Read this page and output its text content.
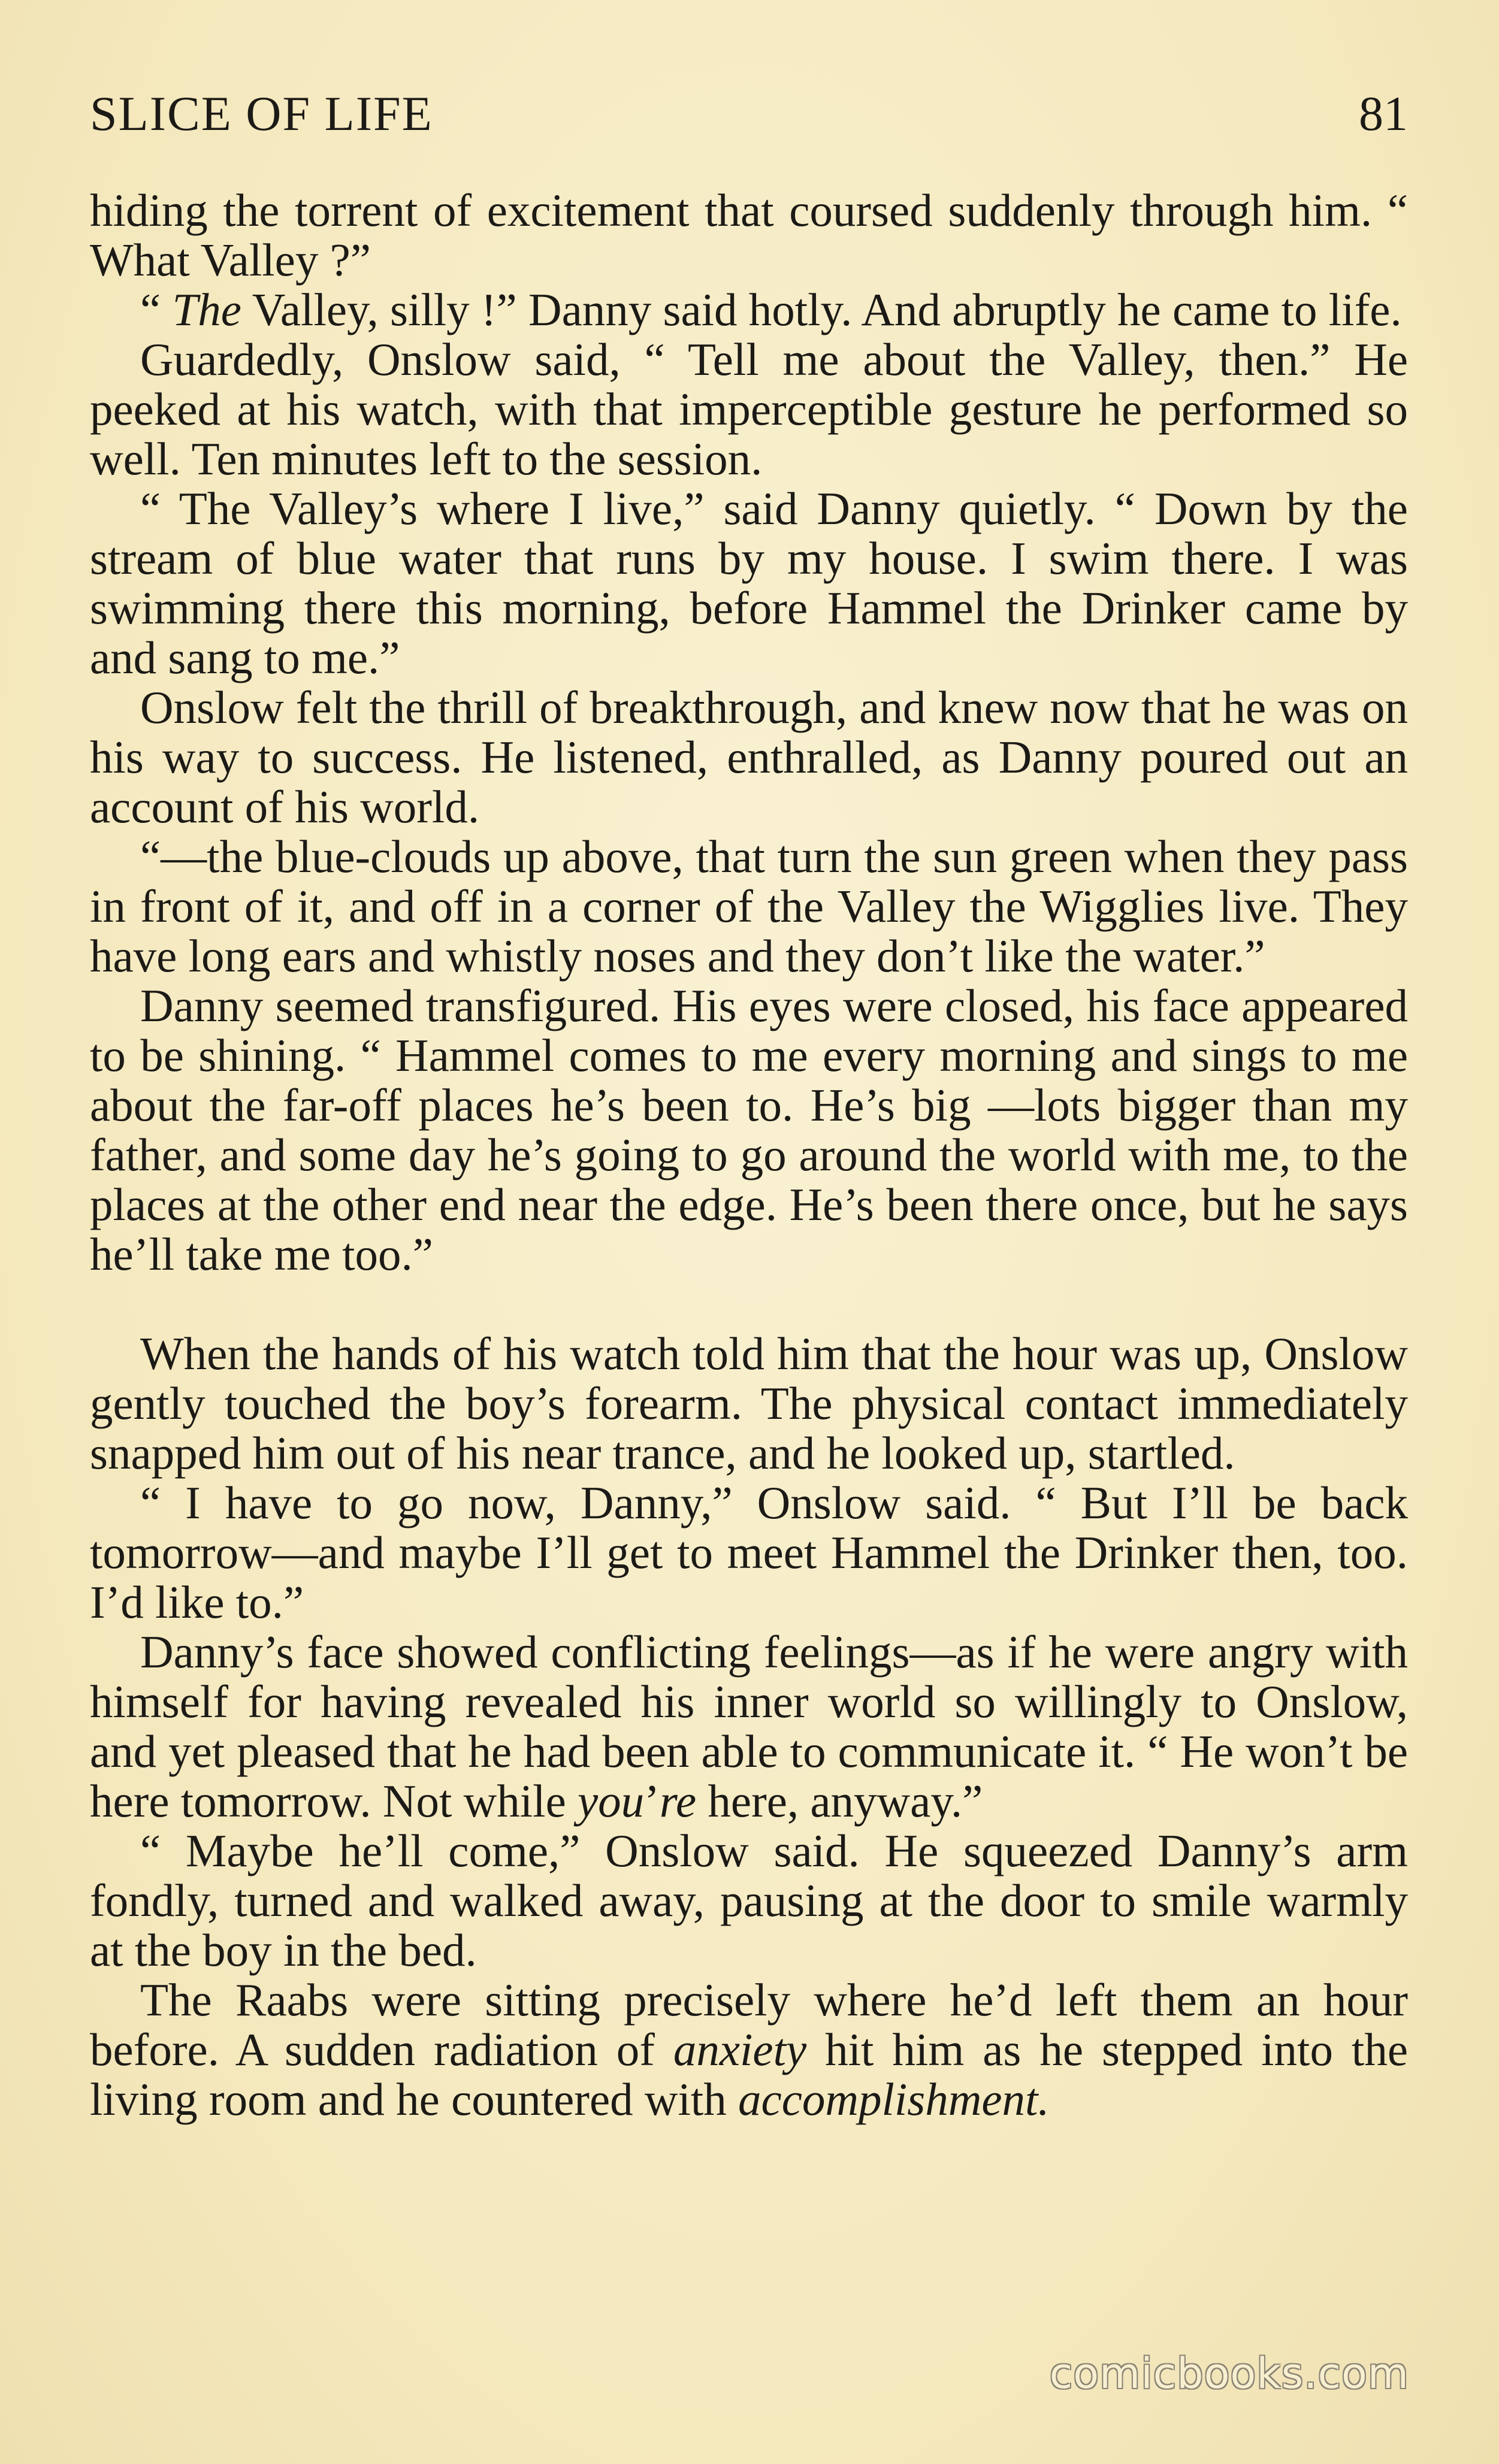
SLICE OF LIFE	81

hiding the torrent of excitement that coursed suddenly through him. “ What Valley ?”

“ The Valley, silly !” Danny said hotly. And abruptly he came to life.

Guardedly, Onslow said, “ Tell me about the Valley, then.” He peeked at his watch, with that imperceptible gesture he performed so well. Ten minutes left to the session.

“ The Valley’s where I live,” said Danny quietly. “ Down by the stream of blue water that runs by my house. I swim there. I was swimming there this morning, before Hammel the Drinker came by and sang to me.”

Onslow felt the thrill of breakthrough, and knew now that he was on his way to success. He listened, enthralled, as Danny poured out an account of his world.

“—the blue-clouds up above, that turn the sun green when they pass in front of it, and off in a corner of the Valley the Wigglies live. They have long ears and whistly noses and they don’t like the water.”

Danny seemed transfigured. His eyes were closed, his face appeared to be shining. “ Hammel comes to me every morning and sings to me about the far-off places he’s been to. He’s big —lots bigger than my father, and some day he’s going to go around the world with me, to the places at the other end near the edge. He’s been there once, but he says he’ll take me too.”

When the hands of his watch told him that the hour was up, Onslow gently touched the boy’s forearm. The physical contact immediately snapped him out of his near trance, and he looked up, startled.

“ I have to go now, Danny,” Onslow said. “ But I’ll be back tomorrow—and maybe I’ll get to meet Hammel the Drinker then, too. I’d like to.”

Danny’s face showed conflicting feelings—as if he were angry with himself for having revealed his inner world so willingly to Onslow, and yet pleased that he had been able to communicate it. “ He won’t be here tomorrow. Not while you’re here, anyway.”

“ Maybe he’ll come,” Onslow said. He squeezed Danny’s arm fondly, turned and walked away, pausing at the door to smile warmly at the boy in the bed.

The Raabs were sitting precisely where he’d left them an hour before. A sudden radiation of anxiety hit him as he stepped into the living room and he countered with accomplishment.

comicbooks.com
